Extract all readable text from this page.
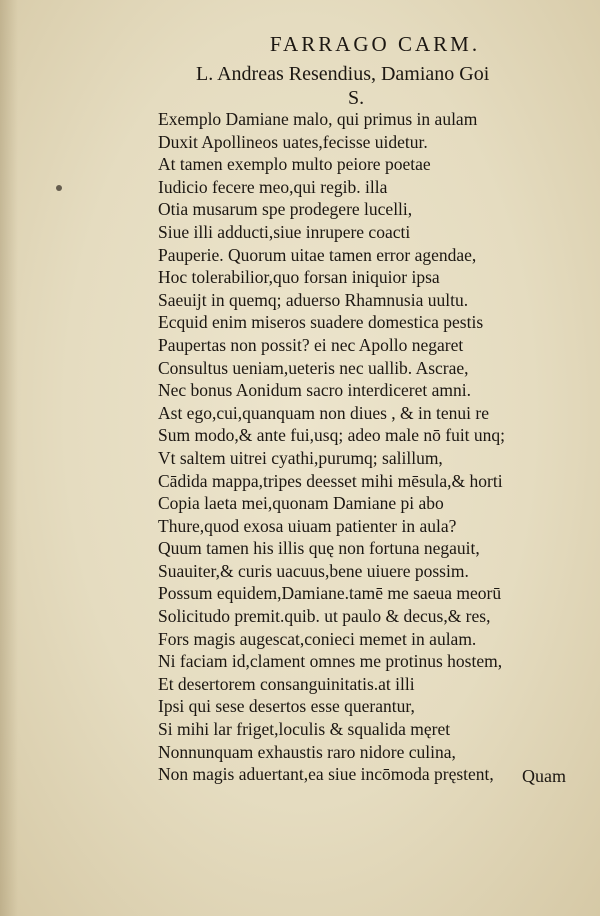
FARRAGO CARM.
L. Andreas Resendius, Damiano Goi
S.
Exemplo Damiane malo, qui primus in aulam
Duxit Apollineos uates,fecisse uidetur.
At tamen exemplo multo peiore poetae
Iudicio fecere meo,qui regib. illa
Otia musarum spe prodegere lucelli,
Siue illi adducti,siue inrupere coacti
Pauperie. Quorum uitae tamen error agendae,
Hoc tolerabilior,quo forsan iniquior ipsa
Saeuijt in quemq; aduerso Rhamnusia uultu.
Ecquid enim miseros suadere domestica pestis
Paupertas non possit? ei nec Apollo negaret
Consultus ueniam,ueteris nec uallib. Ascrae,
Nec bonus Aonidum sacro interdiceret amni.
Ast ego,cui,quanquam non diues , & in tenui re
Sum modo,& ante fui,usq; adeo male nō fuit unq;
Vt saltem uitrei cyathi,purumq; salillum,
Cādida mappa,tripes deesset mihi mēsula,& horti
Copia laeta mei,quonam Damiane pi abo
Thure,quod exosa uiuam patienter in aula?
Quum tamen his illis quę non fortuna negauit,
Suauiter,& curis uacuus,bene uiuere possim.
Possum equidem,Damiane.tamē me saeua meorū
Solicitudo premit.quib. ut paulo & decus,& res,
Fors magis augescat,conieci memet in aulam.
Ni faciam id,clament omnes me protinus hostem,
Et desertorem consanguinitatis.at illi
Ipsi qui sese desertos esse querantur,
Si mihi lar friget,loculis & squalida męret
Nonnunquam exhaustis raro nidore culina,
Non magis aduertant,ea siue incōmoda pręstent,	Quam
